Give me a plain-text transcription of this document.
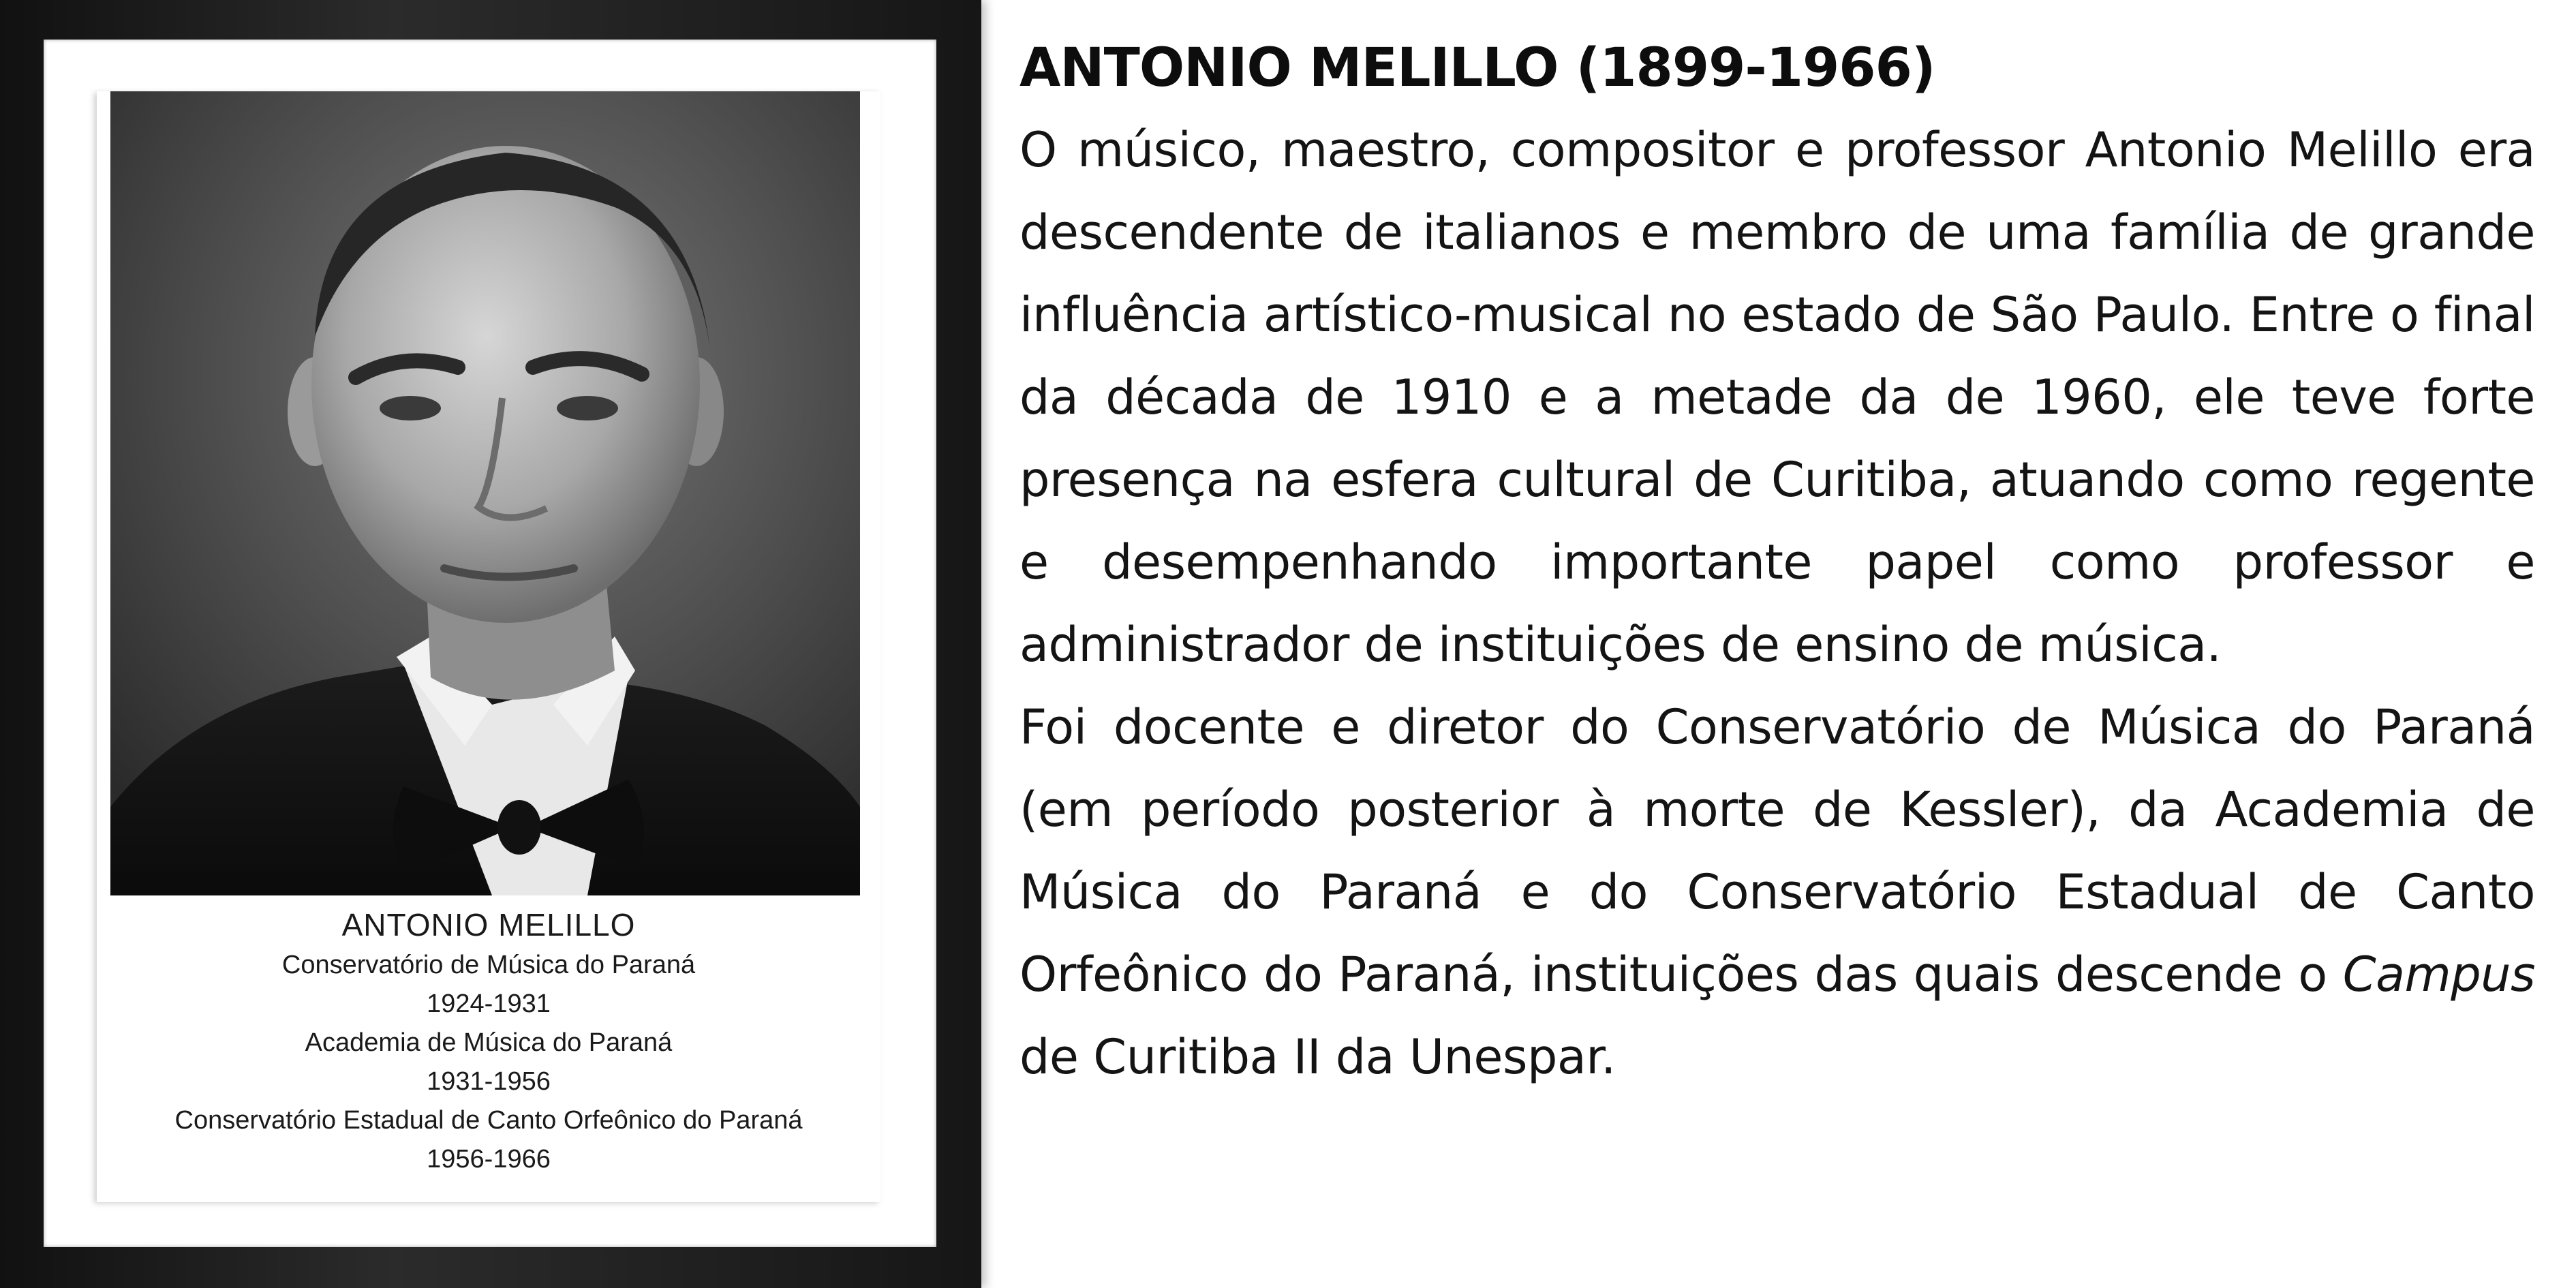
ANTONIO MELILLO
Conservatório de Música do Paraná
1924-1931
Academia de Música do Paraná
1931-1956
Conservatório Estadual de Canto Orfeônico do Paraná
1956-1966
ANTONIO MELILLO (1899-1966)

O músico, maestro, compositor e professor Antonio Melillo era descendente de italianos e membro de uma família de grande influência artístico-musical no estado de São Paulo. Entre o final da década de 1910 e a metade da de 1960, ele teve forte presença na esfera cultural de Curitiba, atuando como regente e desempenhando importante papel como professor e administrador de instituições de ensino de música.

Foi docente e diretor do Conservatório de Música do Paraná (em período posterior à morte de Kessler), da Academia de Música do Paraná e do Conservatório Estadual de Canto Orfeônico do Paraná, instituições das quais descende o Campus de Curitiba II da Unespar.
